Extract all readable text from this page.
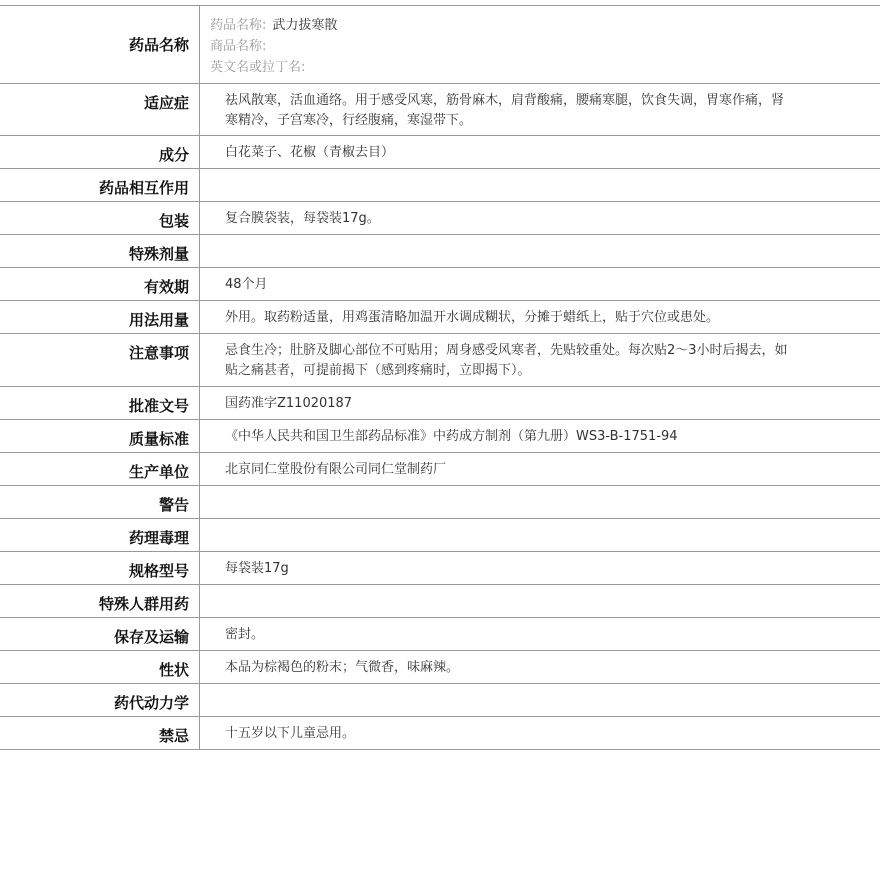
药品名称
药品名称: 武力拔寒散
商品名称:
英文名或拉丁名:
适应症	祛风散寒，活血通络。用于感受风寒，筋骨麻木，肩背酸痛，腰痛寒腿，饮食失调，胃寒作痛，肾寒精冷，子宫寒冷，行经腹痛，寒湿带下。
成分	白花菜子、花椒（青椒去目）
药品相互作用
包装	复合膜袋装，每袋装17g。
特殊剂量
有效期	48个月
用法用量	外用。取药粉适量，用鸡蛋清略加温开水调成糊状，分摊于蜡纸上，贴于穴位或患处。
注意事项	忌食生冷；肚脐及脚心部位不可贴用；周身感受风寒者，先贴较重处。每次贴2～3小时后揭去，如贴之痛甚者，可提前揭下（感到疼痛时，立即揭下）。
批准文号	国药准字Z11020187
质量标准	《中华人民共和国卫生部药品标准》中药成方制剂（第九册）WS3-B-1751-94
生产单位	北京同仁堂股份有限公司同仁堂制药厂
警告
药理毒理
规格型号	每袋装17g
特殊人群用药
保存及运输	密封。
性状	本品为棕褐色的粉末；气微香，味麻辣。
药代动力学
禁忌	十五岁以下儿童忌用。
